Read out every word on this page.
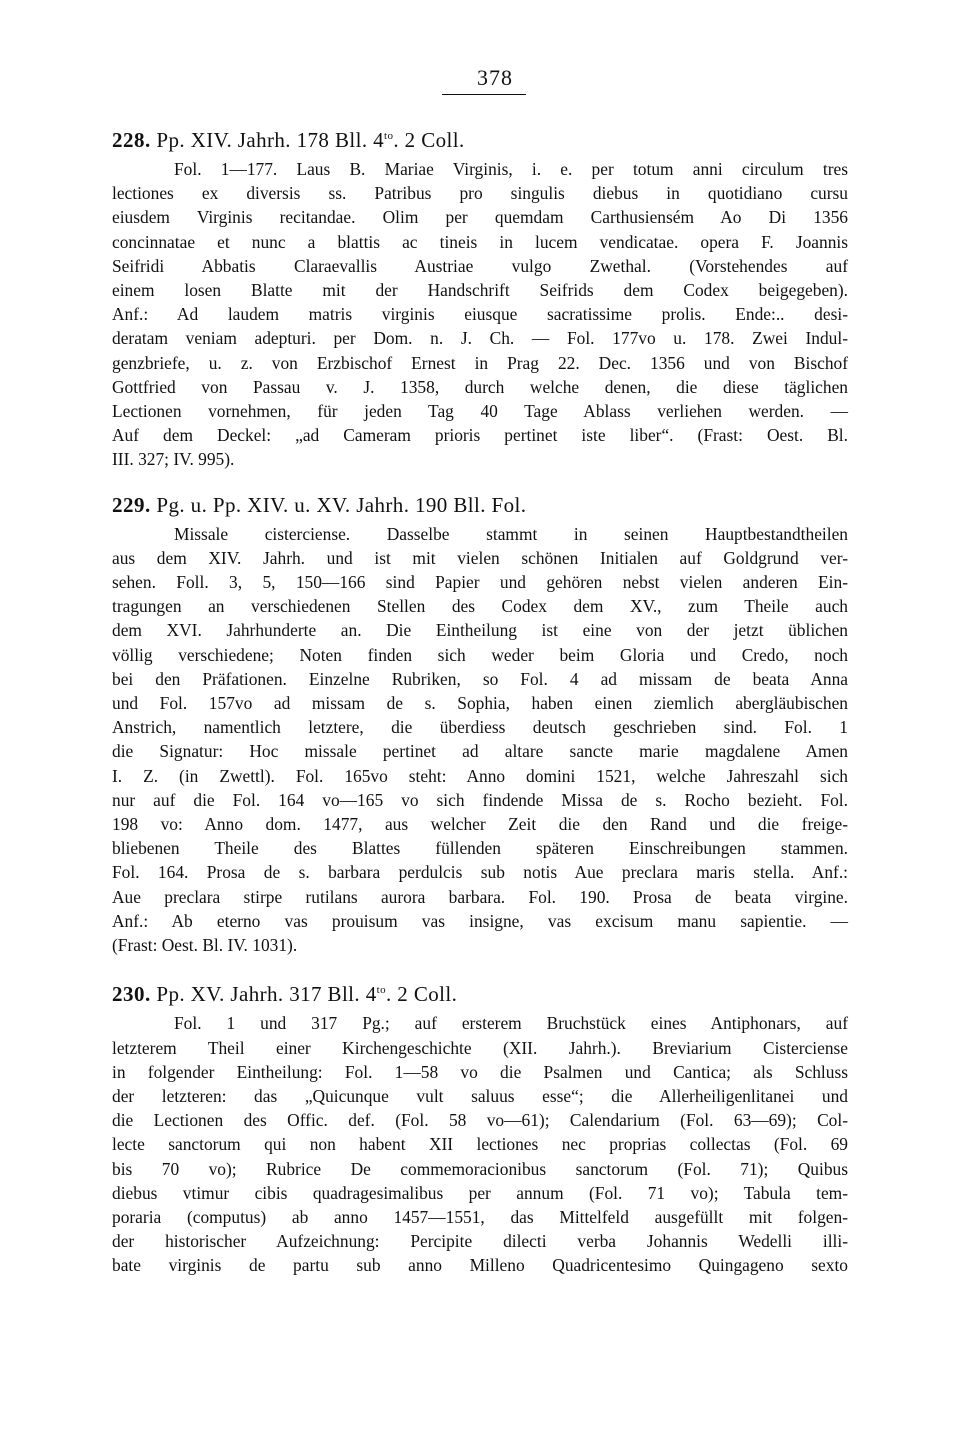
378
228. Pp. XIV. Jahrh. 178 Bll. $4^{to}$. 2 Coll.
Fol. 1—177. Laus B. Mariae Virginis, i. e. per totum anni circulum tres
lectiones ex diversis ss. Patribus pro singulis diebus in quotidiano cursu
eiusdem Virginis recitandae. Olim per quemdam Carthusiensém Ao Di 1356
concinnatae et nunc a blattis ac tineis in lucem vendicatae. opera F. Joannis
Seifridi Abbatis Claraevallis Austriae vulgo Zwethal. (Vorstehendes auf
einem losen Blatte mit der Handschrift Seifrids dem Codex beigegeben).
Anf.: Ad laudem matris virginis eiusque sacratissime prolis. Ende:.. desi-
deratam veniam adepturi. per Dom. n. J. Ch. — Fol. 177vo u. 178. Zwei Indul-
genzbriefe, u. z. von Erzbischof Ernest in Prag 22. Dec. 1356 und von Bischof
Gottfried von Passau v. J. 1358, durch welche denen, die diese täglichen
Lectionen vornehmen, für jeden Tag 40 Tage Ablass verliehen werden. —
Auf dem Deckel: „ad Cameram prioris pertinet iste liber“. (Frast: Oest. Bl.
III. 327; IV. 995).
229. Pg. u. Pp. XIV. u. XV. Jahrh. 190 Bll. Fol.
Missale cisterciense. Dasselbe stammt in seinen Hauptbestandtheilen
aus dem XIV. Jahrh. und ist mit vielen schönen Initialen auf Goldgrund ver-
sehen. Foll. 3, 5, 150—166 sind Papier und gehören nebst vielen anderen Ein-
tragungen an verschiedenen Stellen des Codex dem XV., zum Theile auch
dem XVI. Jahrhunderte an. Die Eintheilung ist eine von der jetzt üblichen
völlig verschiedene; Noten finden sich weder beim Gloria und Credo, noch
bei den Präfationen. Einzelne Rubriken, so Fol. 4 ad missam de beata Anna
und Fol. 157vo ad missam de s. Sophia, haben einen ziemlich abergläubischen
Anstrich, namentlich letztere, die überdiess deutsch geschrieben sind. Fol. 1
die Signatur: Hoc missale pertinet ad altare sancte marie magdalene Amen
I. Z. (in Zwettl). Fol. 165vo steht: Anno domini 1521, welche Jahreszahl sich
nur auf die Fol. 164 vo—165 vo sich findende Missa de s. Rocho bezieht. Fol.
198 vo: Anno dom. 1477, aus welcher Zeit die den Rand und die freige-
bliebenen Theile des Blattes füllenden späteren Einschreibungen stammen.
Fol. 164. Prosa de s. barbara perdulcis sub notis Aue preclara maris stella. Anf.:
Aue preclara stirpe rutilans aurora barbara. Fol. 190. Prosa de beata virgine.
Anf.: Ab eterno vas prouisum vas insigne, vas excisum manu sapientie. —
(Frast: Oest. Bl. IV. 1031).
230. Pp. XV. Jahrh. 317 Bll. $4^{to}$. 2 Coll.
Fol. 1 und 317 Pg.; auf ersterem Bruchstück eines Antiphonars, auf
letzterem Theil einer Kirchengeschichte (XII. Jahrh.). Breviarium Cisterciense
in folgender Eintheilung: Fol. 1—58 vo die Psalmen und Cantica; als Schluss
der letzteren: das „Quicunque vult saluus esse“; die Allerheiligenlitanei und
die Lectionen des Offic. def. (Fol. 58 vo—61); Calendarium (Fol. 63—69); Col-
lecte sanctorum qui non habent XII lectiones nec proprias collectas (Fol. 69
bis 70 vo); Rubrice De commemoracionibus sanctorum (Fol. 71); Quibus
diebus vtimur cibis quadragesimalibus per annum (Fol. 71 vo); Tabula tem-
poraria (computus) ab anno 1457—1551, das Mittelfeld ausgefüllt mit folgen-
der historischer Aufzeichnung: Percipite dilecti verba Johannis Wedelli illi-
bate virginis de partu sub anno Milleno Quadricentesimo Quingageno sexto
